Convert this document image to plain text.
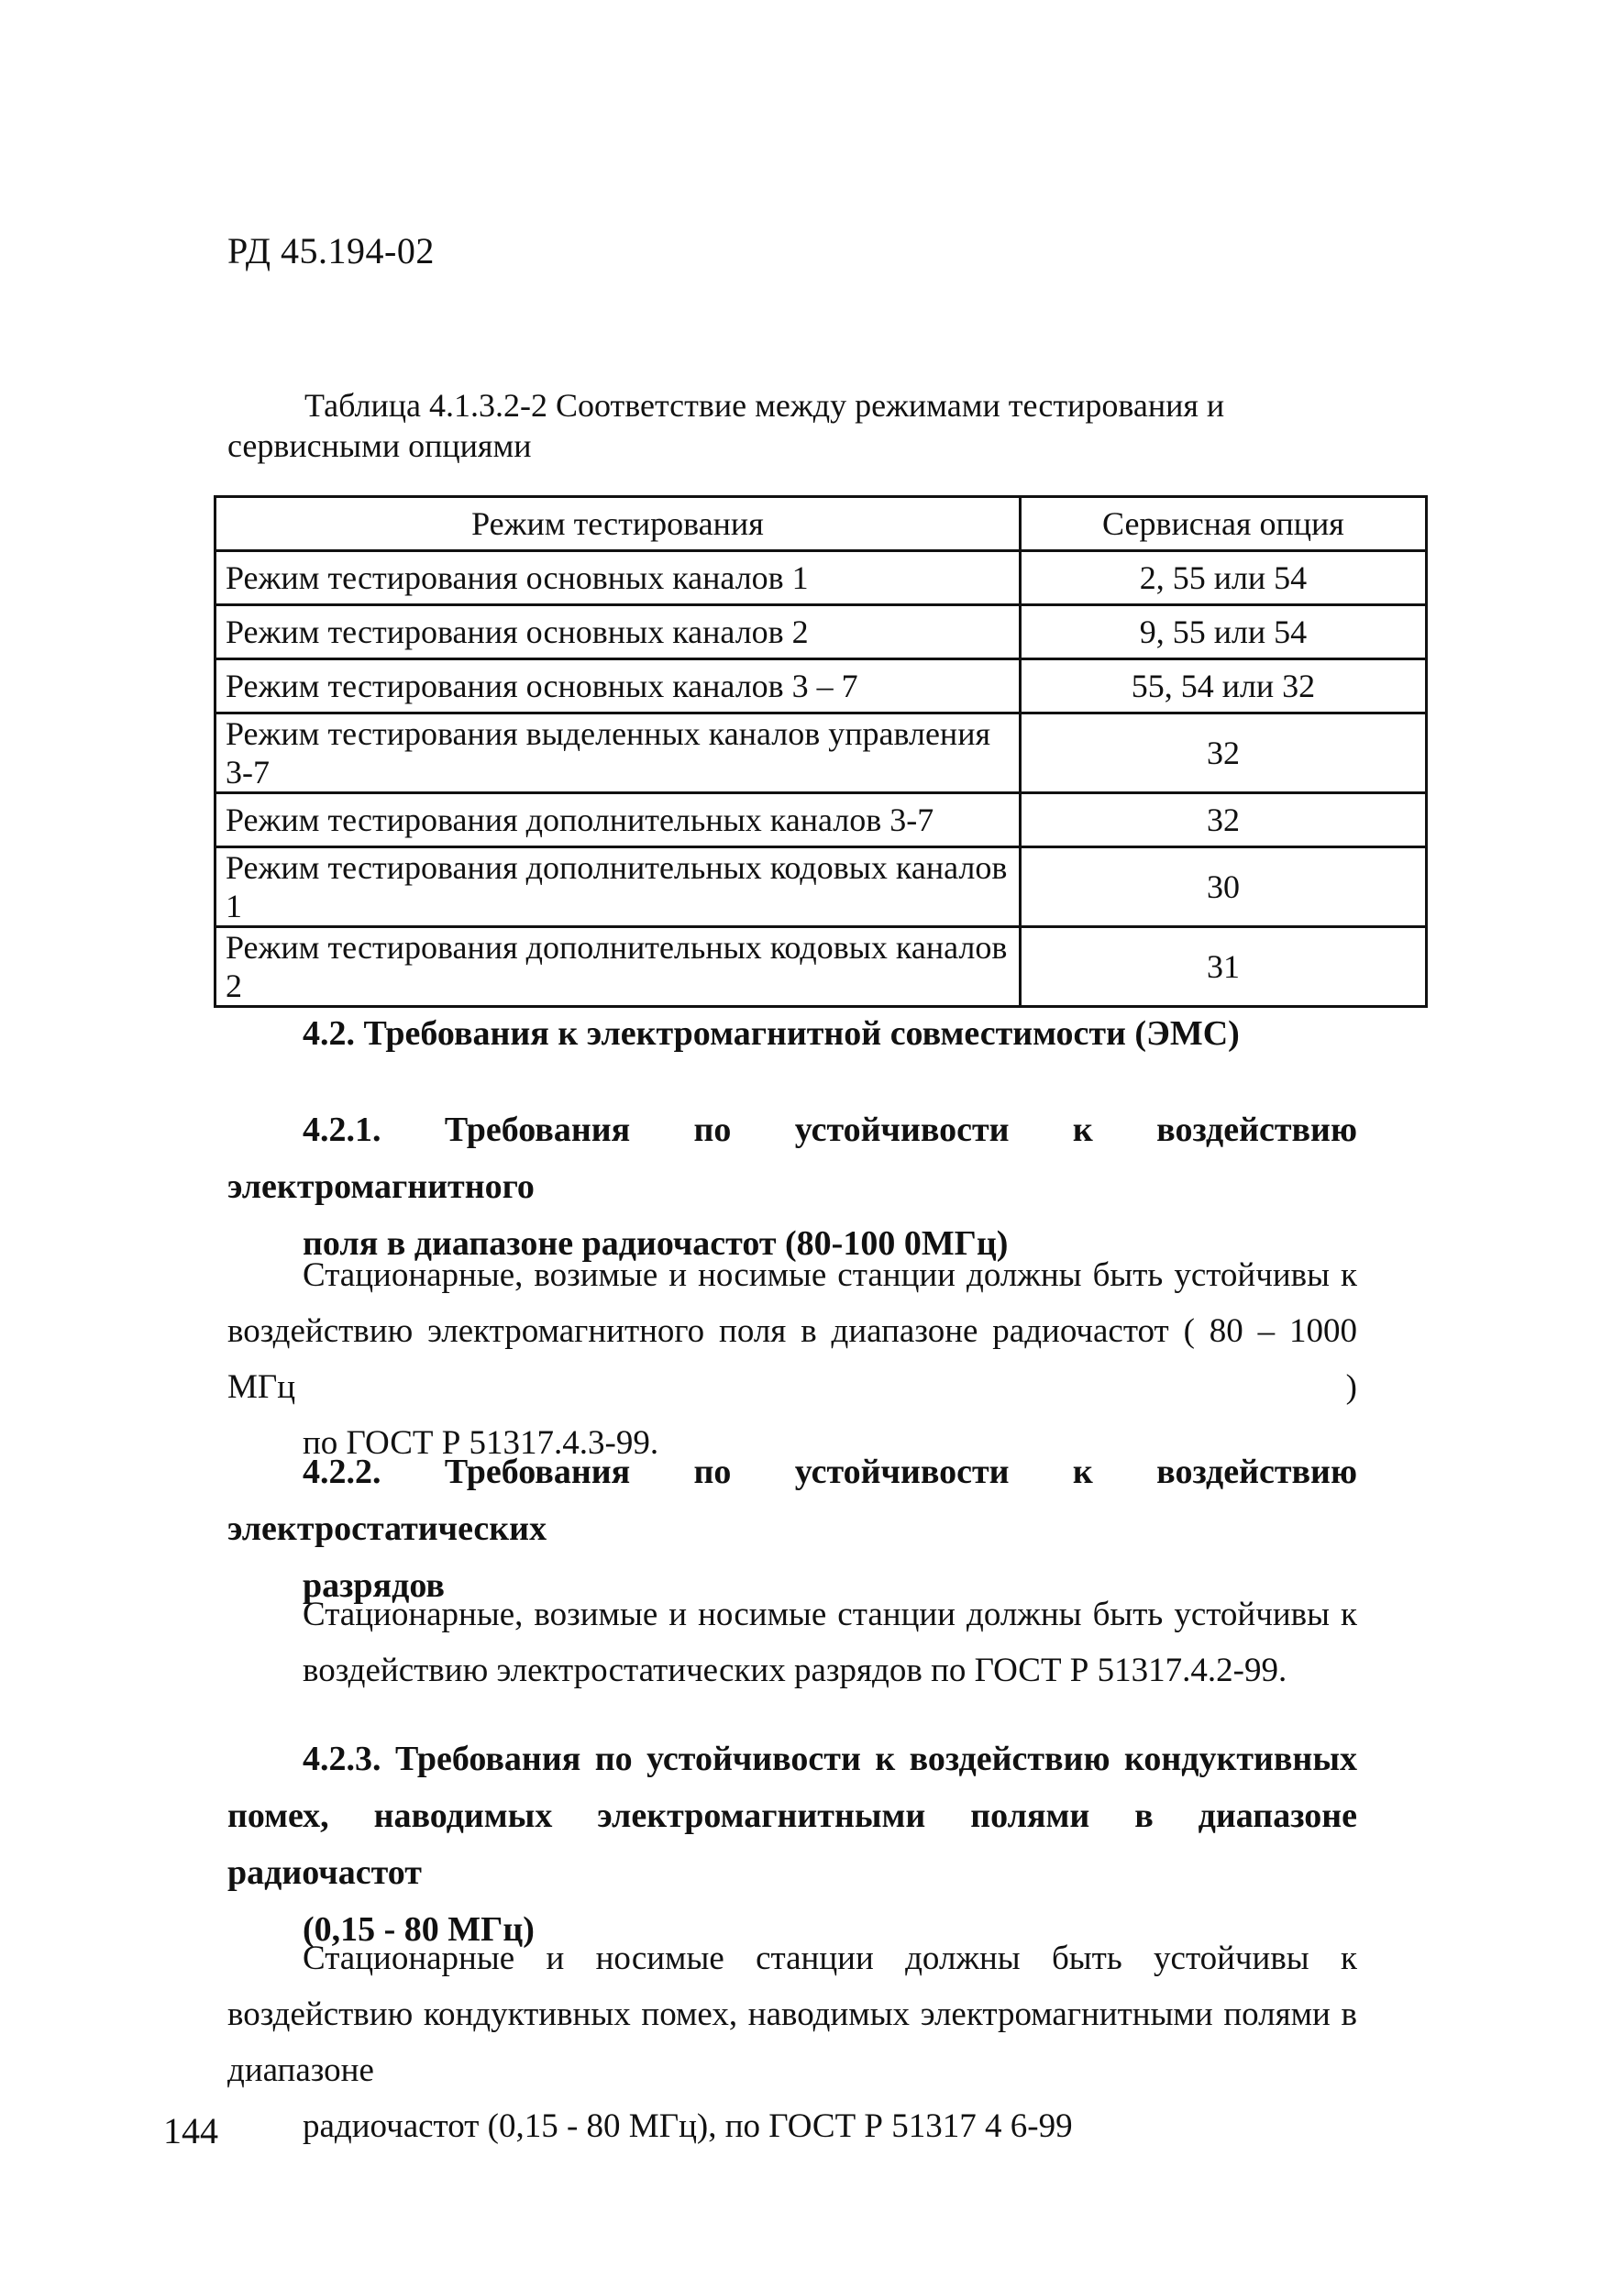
РД 45.194-02
Таблица 4.1.3.2-2 Соответствие между режимами тестирования и сервисными опциями
Режим тестирования	Сервисная опция
Режим тестирования основных каналов 1	2, 55 или 54
Режим тестирования основных каналов 2	9, 55 или 54
Режим тестирования основных каналов 3 – 7	55, 54 или 32
Режим тестирования выделенных каналов управления 3-7	32
Режим тестирования дополнительных каналов 3-7	32
Режим тестирования дополнительных кодовых каналов 1	30
Режим тестирования дополнительных кодовых каналов 2	31
4.2. Требования к электромагнитной совместимости (ЭМС)
4.2.1. Требования по устойчивости к воздействию электромагнитного
поля в диапазоне радиочастот (80-100 0МГц)
Стационарные, возимые и носимые станции должны быть устойчивы к воздействию электромагнитного поля в диапазоне радиочастот ( 80 – 1000 МГц )
по ГОСТ Р 51317.4.3-99.
4.2.2. Требования по устойчивости к воздействию электростатических
разрядов
Стационарные, возимые и носимые станции должны быть устойчивы к
воздействию электростатических разрядов по ГОСТ Р 51317.4.2-99.
4.2.3. Требования по устойчивости к воздействию кондуктивных помех, наводимых электромагнитными полями в диапазоне радиочастот
(0,15 - 80 МГц)
Стационарные и носимые станции должны быть устойчивы к воздействию кондуктивных помех, наводимых электромагнитными полями в диапазоне
радиочастот (0,15 - 80 МГц), по ГОСТ Р 51317 4 6-99
144
